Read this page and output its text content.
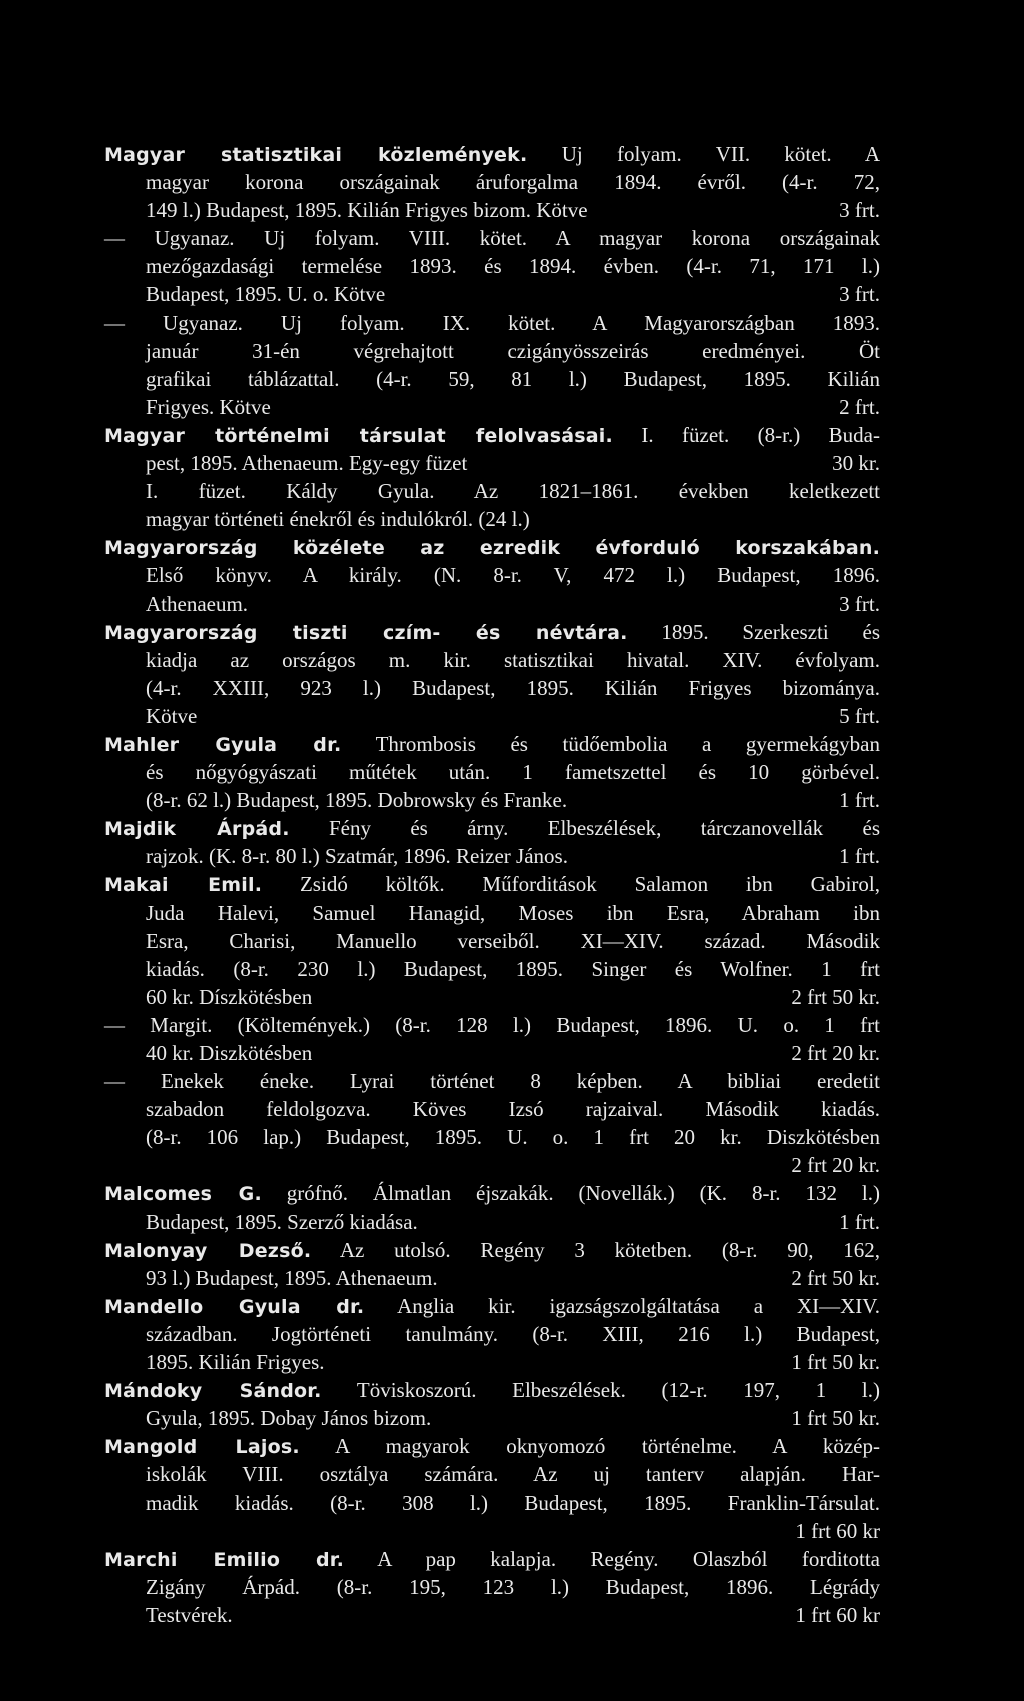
Magyar statisztikai közlemények. Uj folyam. VII. kötet. A
magyar korona országainak áruforgalma 1894. évről. (4-r. 72,
3 frt.
149 l.) Budapest, 1895. Kilián Frigyes bizom. Kötve
— Ugyanaz. Uj folyam. VIII. kötet. A magyar korona országainak
mezőgazdasági termelése 1893. és 1894. évben. (4-r. 71, 171 l.)
3 frt.
Budapest, 1895. U. o. Kötve
— Ugyanaz. Uj folyam. IX. kötet. A Magyarországban 1893.
január 31-én végrehajtott czigányösszeirás eredményei. Öt
grafikai táblázattal. (4-r. 59, 81 l.) Budapest, 1895. Kilián
2 frt.
Frigyes. Kötve
Magyar történelmi társulat felolvasásai. I. füzet. (8-r.) Buda-
30 kr.
pest, 1895. Athenaeum. Egy-egy füzet
I. füzet. Káldy Gyula. Az 1821–1861. években keletkezett
magyar történeti énekről és indulókról. (24 l.)
Magyarország közélete az ezredik évforduló korszakában.
Első könyv. A király. (N. 8-r. V, 472 l.) Budapest, 1896.
3 frt.
Athenaeum.
Magyarország tiszti czím- és névtára. 1895. Szerkeszti és
kiadja az országos m. kir. statisztikai hivatal. XIV. évfolyam.
(4-r. XXIII, 923 l.) Budapest, 1895. Kilián Frigyes bizománya.
5 frt.
Kötve
Mahler Gyula dr. Thrombosis és tüdőembolia a gyermekágyban
és nőgyógyászati műtétek után. 1 fametszettel és 10 görbével.
1 frt.
(8-r. 62 l.) Budapest, 1895. Dobrowsky és Franke.
Majdik Árpád. Fény és árny. Elbeszélések, tárczanovellák és
1 frt.
rajzok. (K. 8-r. 80 l.) Szatmár, 1896. Reizer János.
Makai Emil. Zsidó költők. Műforditások Salamon ibn Gabirol,
Juda Halevi, Samuel Hanagid, Moses ibn Esra, Abraham ibn
Esra, Charisi, Manuello verseiből. XI—XIV. század. Második
kiadás. (8-r. 230 l.) Budapest, 1895. Singer és Wolfner. 1 frt
2 frt 50 kr.
60 kr. Díszkötésben
— Margit. (Költemények.) (8-r. 128 l.) Budapest, 1896. U. o. 1 frt
2 frt 20 kr.
40 kr. Diszkötésben
— Enekek éneke. Lyrai történet 8 képben. A bibliai eredetit
szabadon feldolgozva. Köves Izsó rajzaival. Második kiadás.
(8-r. 106 lap.) Budapest, 1895. U. o. 1 frt 20 kr. Diszkötésben
2 frt 20 kr.
Malcomes G. grófnő. Álmatlan éjszakák. (Novellák.) (K. 8-r. 132 l.)
1 frt.
Budapest, 1895. Szerző kiadása.
Malonyay Dezső. Az utolsó. Regény 3 kötetben. (8-r. 90, 162,
2 frt 50 kr.
93 l.) Budapest, 1895. Athenaeum.
Mandello Gyula dr. Anglia kir. igazságszolgáltatása a XI—XIV.
században. Jogtörténeti tanulmány. (8-r. XIII, 216 l.) Budapest,
1 frt 50 kr.
1895. Kilián Frigyes.
Mándoky Sándor. Töviskoszorú. Elbeszélések. (12-r. 197, 1 l.)
1 frt 50 kr.
Gyula, 1895. Dobay János bizom.
Mangold Lajos. A magyarok oknyomozó történelme. A közép-
iskolák VIII. osztálya számára. Az uj tanterv alapján. Har-
madik kiadás. (8-r. 308 l.) Budapest, 1895. Franklin-Társulat.
1 frt 60 kr
Marchi Emilio dr. A pap kalapja. Regény. Olaszból forditotta
Zigány Árpád. (8-r. 195, 123 l.) Budapest, 1896. Légrády
1 frt 60 kr
Testvérek.
